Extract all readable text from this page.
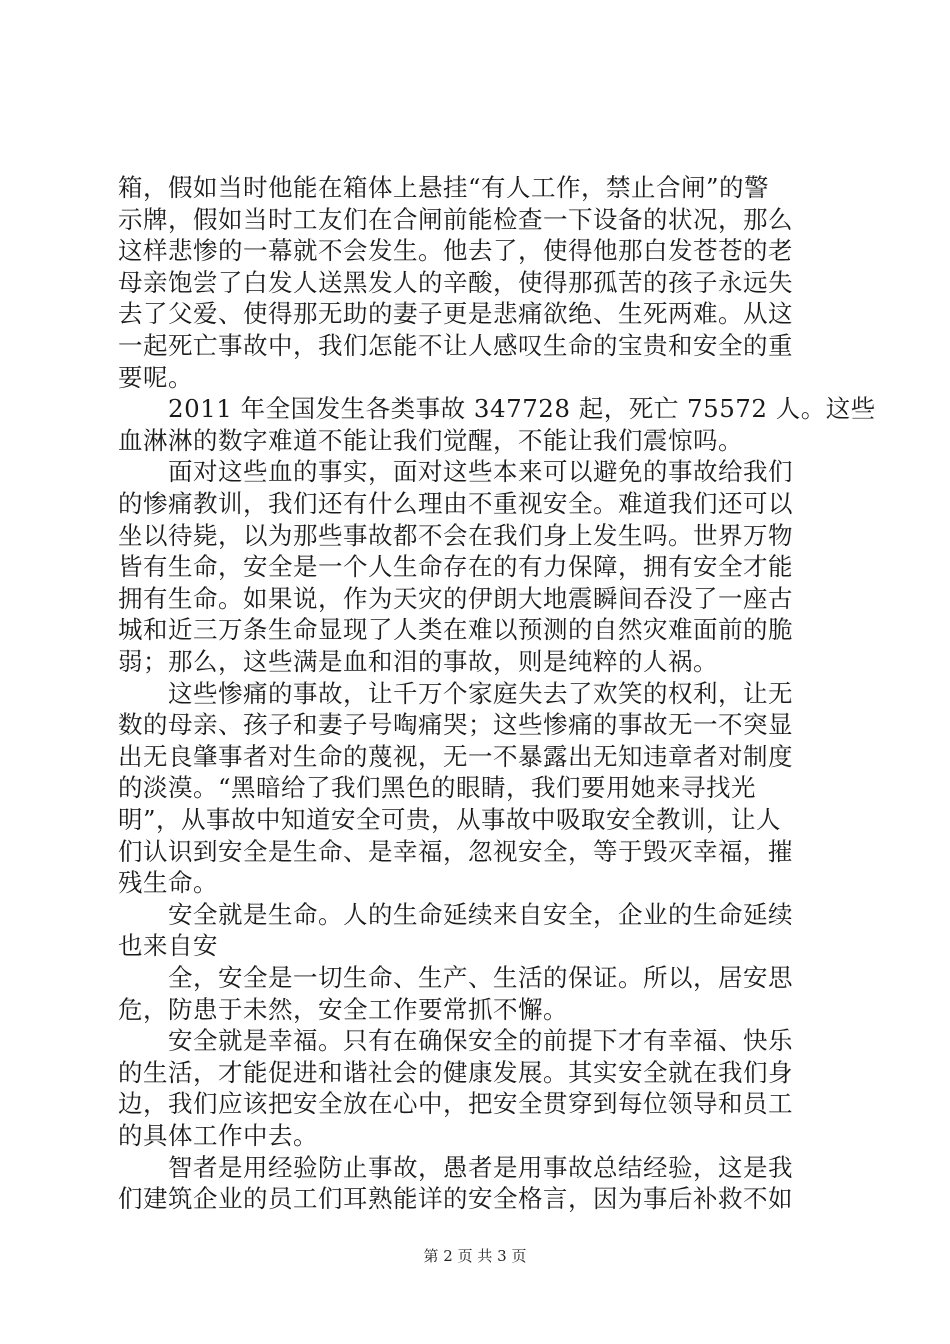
箱，假如当时他能在箱体上悬挂“有人工作，禁止合闸”的警
示牌，假如当时工友们在合闸前能检查一下设备的状况，那么
这样悲惨的一幕就不会发生。他去了，使得他那白发苍苍的老
母亲饱尝了白发人送黑发人的辛酸，使得那孤苦的孩子永远失
去了父爱、使得那无助的妻子更是悲痛欲绝、生死两难。从这
一起死亡事故中，我们怎能不让人感叹生命的宝贵和安全的重
要呢。
2011 年全国发生各类事故 347728 起，死亡 75572 人。这些
血淋淋的数字难道不能让我们觉醒，不能让我们震惊吗。
面对这些血的事实，面对这些本来可以避免的事故给我们
的惨痛教训，我们还有什么理由不重视安全。难道我们还可以
坐以待毙，以为那些事故都不会在我们身上发生吗。世界万物
皆有生命，安全是一个人生命存在的有力保障，拥有安全才能
拥有生命。如果说，作为天灾的伊朗大地震瞬间吞没了一座古
城和近三万条生命显现了人类在难以预测的自然灾难面前的脆
弱；那么，这些满是血和泪的事故，则是纯粹的人祸。
这些惨痛的事故，让千万个家庭失去了欢笑的权利，让无
数的母亲、孩子和妻子号啕痛哭；这些惨痛的事故无一不突显
出无良肇事者对生命的蔑视，无一不暴露出无知违章者对制度
的淡漠。“黑暗给了我们黑色的眼睛，我们要用她来寻找光
明”，从事故中知道安全可贵，从事故中吸取安全教训，让人
们认识到安全是生命、是幸福，忽视安全，等于毁灭幸福，摧
残生命。
安全就是生命。人的生命延续来自安全，企业的生命延续
也来自安
全，安全是一切生命、生产、生活的保证。所以，居安思
危，防患于未然，安全工作要常抓不懈。
安全就是幸福。只有在确保安全的前提下才有幸福、快乐
的生活，才能促进和谐社会的健康发展。其实安全就在我们身
边，我们应该把安全放在心中，把安全贯穿到每位领导和员工
的具体工作中去。
智者是用经验防止事故，愚者是用事故总结经验，这是我
们建筑企业的员工们耳熟能详的安全格言，因为事后补救不如
第 2 页 共 3 页
